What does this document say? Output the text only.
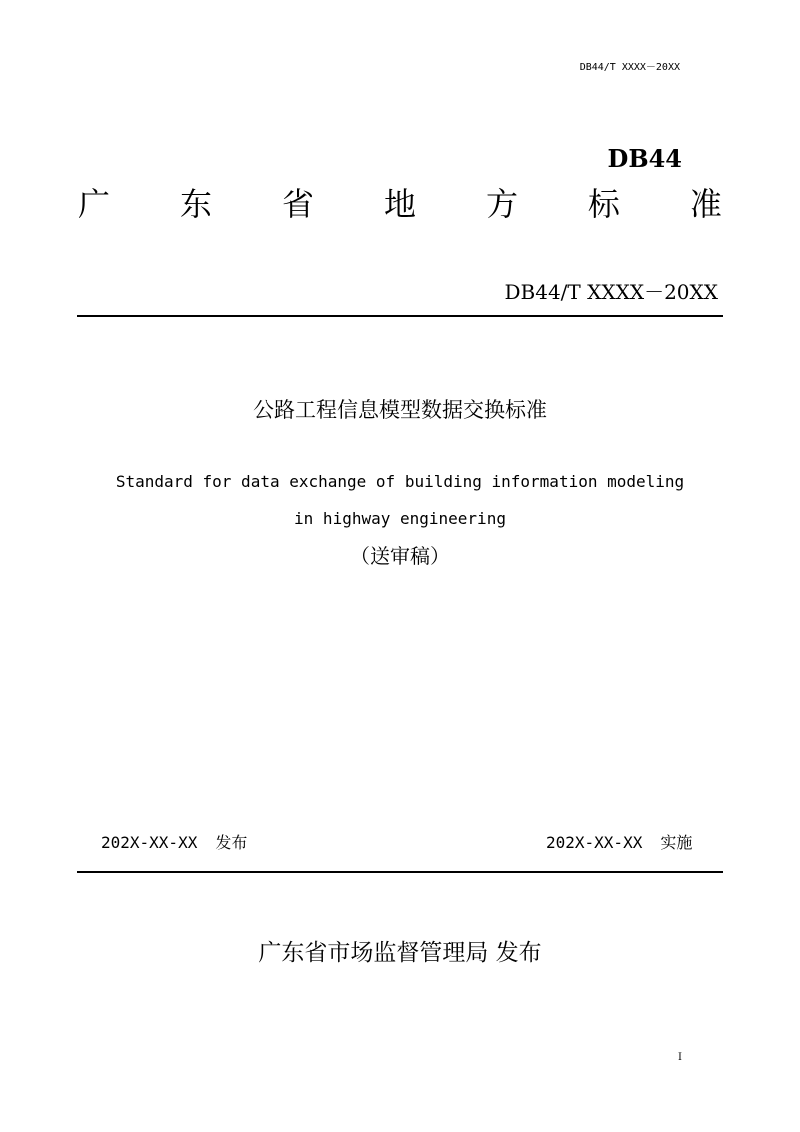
DB44/T XXXX－20XX
DB44
广 东 省 地 方 标 准
DB44/T XXXX－20XX
公路工程信息模型数据交换标准
Standard for data exchange of building information modeling
in highway engineering
（送审稿）
202X-XX-XX 发布	202X-XX-XX 实施
广东省市场监督管理局 发布
I
